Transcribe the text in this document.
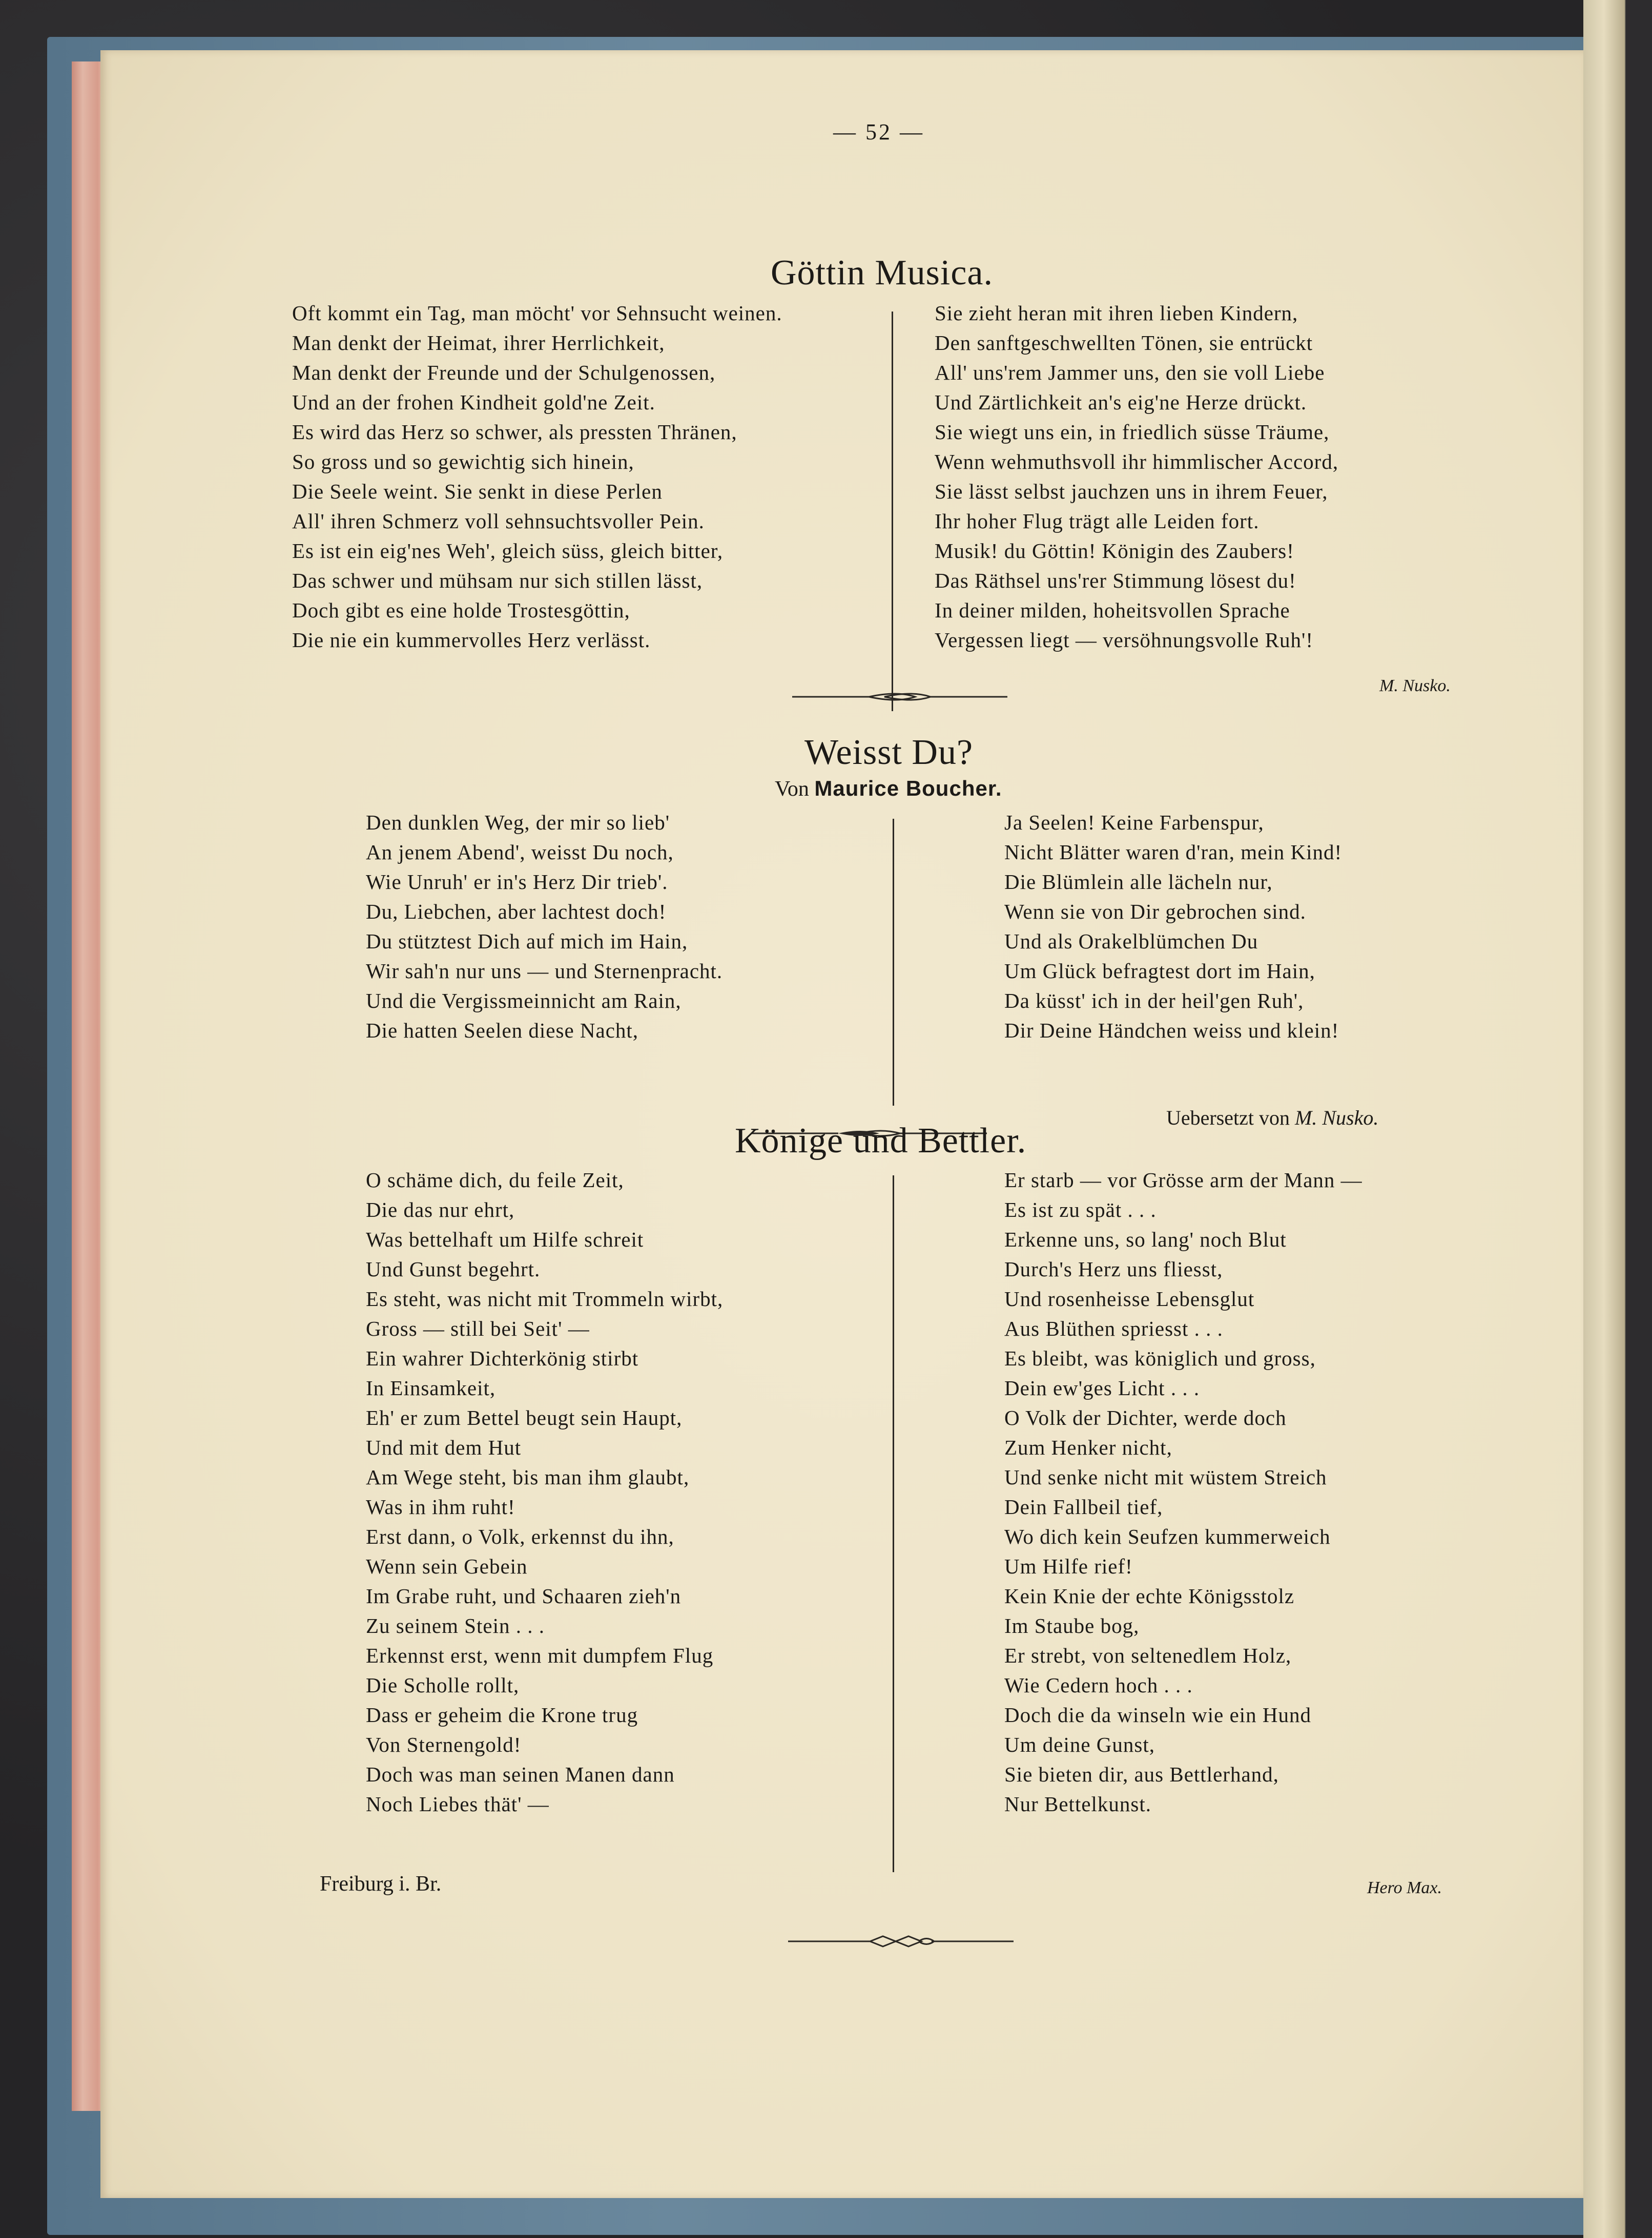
— 52 —
Göttin Musica.
Oft kommt ein Tag, man möcht' vor Sehnsucht weinen.
Man denkt der Heimat, ihrer Herrlichkeit,
Man denkt der Freunde und der Schulgenossen,
Und an der frohen Kindheit gold'ne Zeit.
Es wird das Herz so schwer, als pressten Thränen,
So gross und so gewichtig sich hinein,
Die Seele weint. Sie senkt in diese Perlen
All' ihren Schmerz voll sehnsuchtsvoller Pein.
Es ist ein eig'nes Weh', gleich süss, gleich bitter,
Das schwer und mühsam nur sich stillen lässt,
Doch gibt es eine holde Trostesgöttin,
Die nie ein kummervolles Herz verlässt.
Sie zieht heran mit ihren lieben Kindern,
Den sanftgeschwellten Tönen, sie entrückt
All' uns'rem Jammer uns, den sie voll Liebe
Und Zärtlichkeit an's eig'ne Herze drückt.
Sie wiegt uns ein, in friedlich süsse Träume,
Wenn wehmuthsvoll ihr himmlischer Accord,
Sie lässt selbst jauchzen uns in ihrem Feuer,
Ihr hoher Flug trägt alle Leiden fort.
Musik! du Göttin! Königin des Zaubers!
Das Räthsel uns'rer Stimmung lösest du!
In deiner milden, hoheitsvollen Sprache
Vergessen liegt — versöhnungsvolle Ruh'!
M. Nusko.
Weisst Du?
Von Maurice Boucher.
Den dunklen Weg, der mir so lieb'
An jenem Abend', weisst Du noch,
Wie Unruh' er in's Herz Dir trieb'.
Du, Liebchen, aber lachtest doch!
Du stütztest Dich auf mich im Hain,
Wir sah'n nur uns — und Sternenpracht.
Und die Vergissmeinnicht am Rain,
Die hatten Seelen diese Nacht,
Ja Seelen! Keine Farbenspur,
Nicht Blätter waren d'ran, mein Kind!
Die Blümlein alle lächeln nur,
Wenn sie von Dir gebrochen sind.
Und als Orakelblümchen Du
Um Glück befragtest dort im Hain,
Da küsst' ich in der heil'gen Ruh',
Dir Deine Händchen weiss und klein!
Uebersetzt von M. Nusko.
Könige und Bettler.
O schäme dich, du feile Zeit,
Die das nur ehrt,
Was bettelhaft um Hilfe schreit
Und Gunst begehrt.
Es steht, was nicht mit Trommeln wirbt,
Gross — still bei Seit' —
Ein wahrer Dichterkönig stirbt
In Einsamkeit,
Eh' er zum Bettel beugt sein Haupt,
Und mit dem Hut
Am Wege steht, bis man ihm glaubt,
Was in ihm ruht!
Erst dann, o Volk, erkennst du ihn,
Wenn sein Gebein
Im Grabe ruht, und Schaaren zieh'n
Zu seinem Stein . . .
Erkennst erst, wenn mit dumpfem Flug
Die Scholle rollt,
Dass er geheim die Krone trug
Von Sternengold!
Doch was man seinen Manen dann
Noch Liebes thät' —
Er starb — vor Grösse arm der Mann —
Es ist zu spät . . .
Erkenne uns, so lang' noch Blut
Durch's Herz uns fliesst,
Und rosenheisse Lebensglut
Aus Blüthen spriesst . . .
Es bleibt, was königlich und gross,
Dein ew'ges Licht . . .
O Volk der Dichter, werde doch
Zum Henker nicht,
Und senke nicht mit wüstem Streich
Dein Fallbeil tief,
Wo dich kein Seufzen kummerweich
Um Hilfe rief!
Kein Knie der echte Königsstolz
Im Staube bog,
Er strebt, von seltenedlem Holz,
Wie Cedern hoch . . .
Doch die da winseln wie ein Hund
Um deine Gunst,
Sie bieten dir, aus Bettlerhand,
Nur Bettelkunst.
Freiburg i. Br.	Hero Max.
